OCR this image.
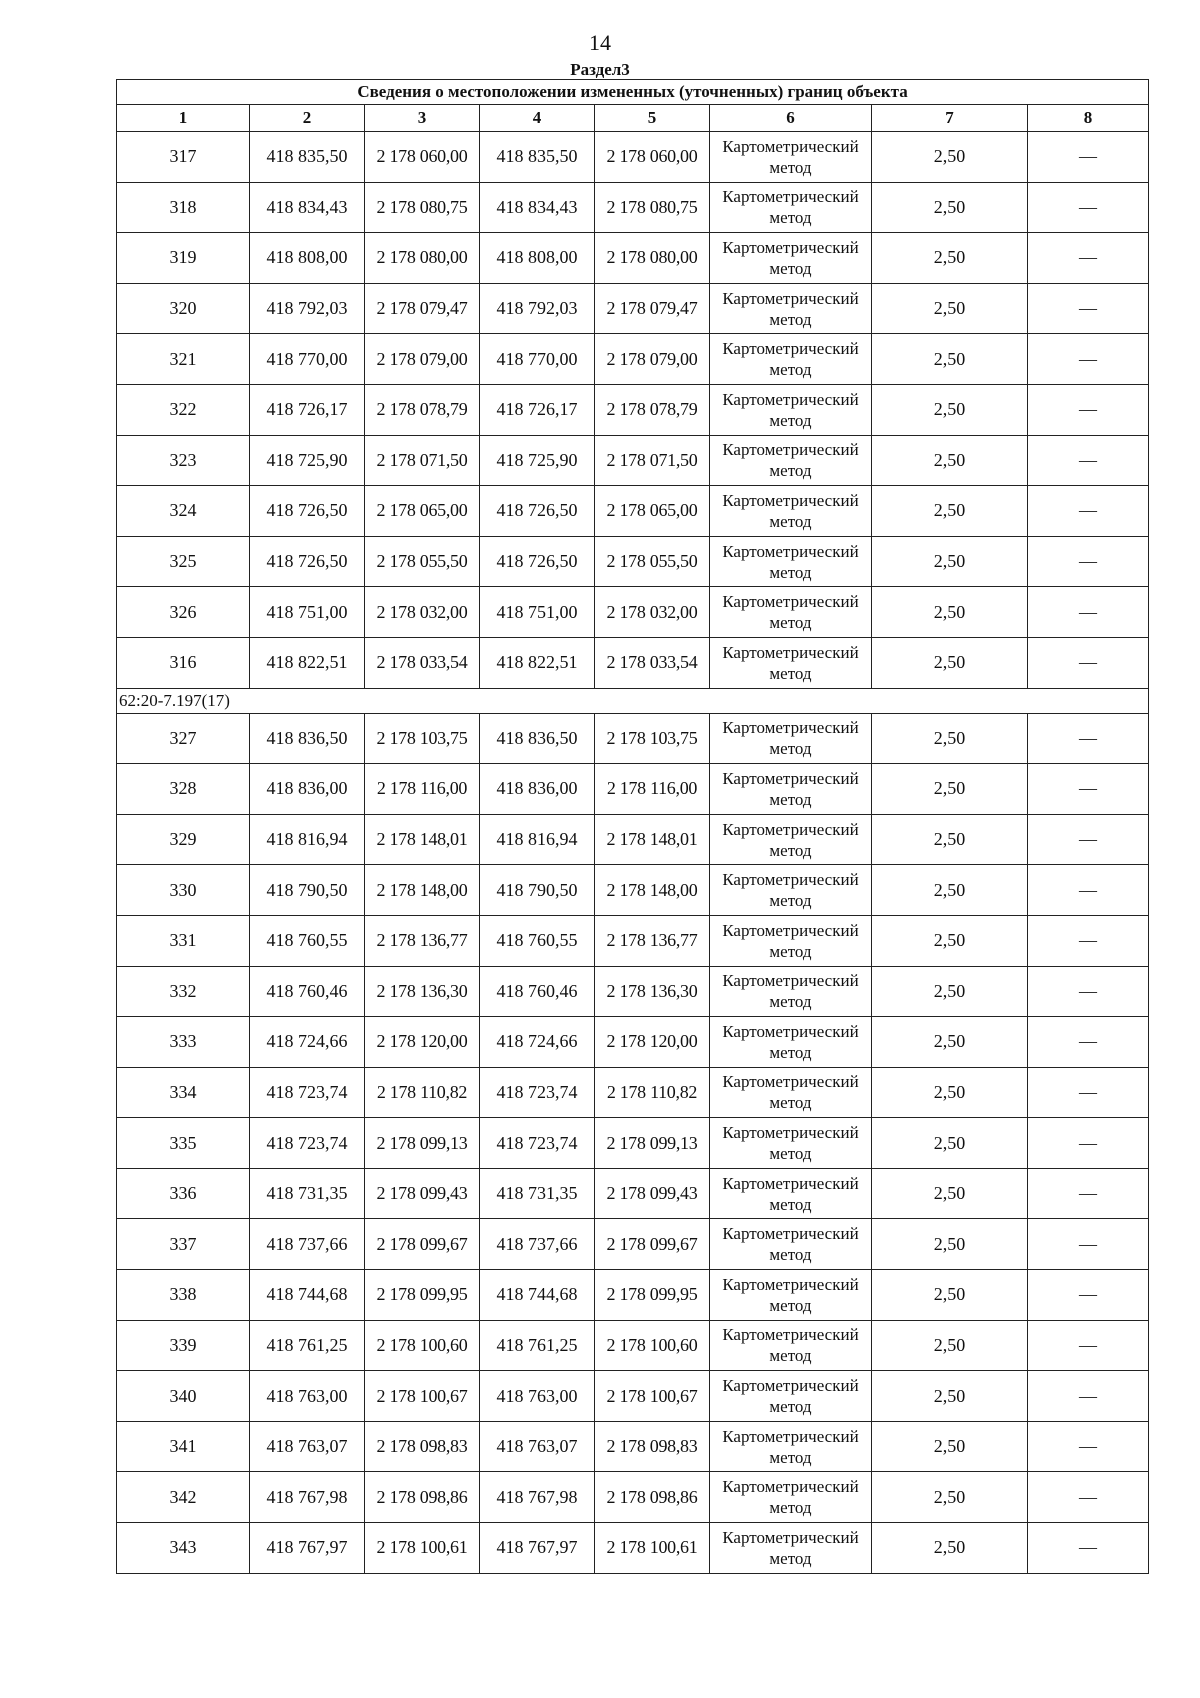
14
Раздел3
Сведения о местоположении измененных (уточненных) границ объекта							
1	2	3	4	5	6	7	8
317	418 835,50	2 178 060,00	418 835,50	2 178 060,00	Картометрический метод	2,50	—
318	418 834,43	2 178 080,75	418 834,43	2 178 080,75	Картометрический метод	2,50	—
319	418 808,00	2 178 080,00	418 808,00	2 178 080,00	Картометрический метод	2,50	—
320	418 792,03	2 178 079,47	418 792,03	2 178 079,47	Картометрический метод	2,50	—
321	418 770,00	2 178 079,00	418 770,00	2 178 079,00	Картометрический метод	2,50	—
322	418 726,17	2 178 078,79	418 726,17	2 178 078,79	Картометрический метод	2,50	—
323	418 725,90	2 178 071,50	418 725,90	2 178 071,50	Картометрический метод	2,50	—
324	418 726,50	2 178 065,00	418 726,50	2 178 065,00	Картометрический метод	2,50	—
325	418 726,50	2 178 055,50	418 726,50	2 178 055,50	Картометрический метод	2,50	—
326	418 751,00	2 178 032,00	418 751,00	2 178 032,00	Картометрический метод	2,50	—
316	418 822,51	2 178 033,54	418 822,51	2 178 033,54	Картометрический метод	2,50	—
62:20-7.197(17)							
327	418 836,50	2 178 103,75	418 836,50	2 178 103,75	Картометрический метод	2,50	—
328	418 836,00	2 178 116,00	418 836,00	2 178 116,00	Картометрический метод	2,50	—
329	418 816,94	2 178 148,01	418 816,94	2 178 148,01	Картометрический метод	2,50	—
330	418 790,50	2 178 148,00	418 790,50	2 178 148,00	Картометрический метод	2,50	—
331	418 760,55	2 178 136,77	418 760,55	2 178 136,77	Картометрический метод	2,50	—
332	418 760,46	2 178 136,30	418 760,46	2 178 136,30	Картометрический метод	2,50	—
333	418 724,66	2 178 120,00	418 724,66	2 178 120,00	Картометрический метод	2,50	—
334	418 723,74	2 178 110,82	418 723,74	2 178 110,82	Картометрический метод	2,50	—
335	418 723,74	2 178 099,13	418 723,74	2 178 099,13	Картометрический метод	2,50	—
336	418 731,35	2 178 099,43	418 731,35	2 178 099,43	Картометрический метод	2,50	—
337	418 737,66	2 178 099,67	418 737,66	2 178 099,67	Картометрический метод	2,50	—
338	418 744,68	2 178 099,95	418 744,68	2 178 099,95	Картометрический метод	2,50	—
339	418 761,25	2 178 100,60	418 761,25	2 178 100,60	Картометрический метод	2,50	—
340	418 763,00	2 178 100,67	418 763,00	2 178 100,67	Картометрический метод	2,50	—
341	418 763,07	2 178 098,83	418 763,07	2 178 098,83	Картометрический метод	2,50	—
342	418 767,98	2 178 098,86	418 767,98	2 178 098,86	Картометрический метод	2,50	—
343	418 767,97	2 178 100,61	418 767,97	2 178 100,61	Картометрический метод	2,50	—
